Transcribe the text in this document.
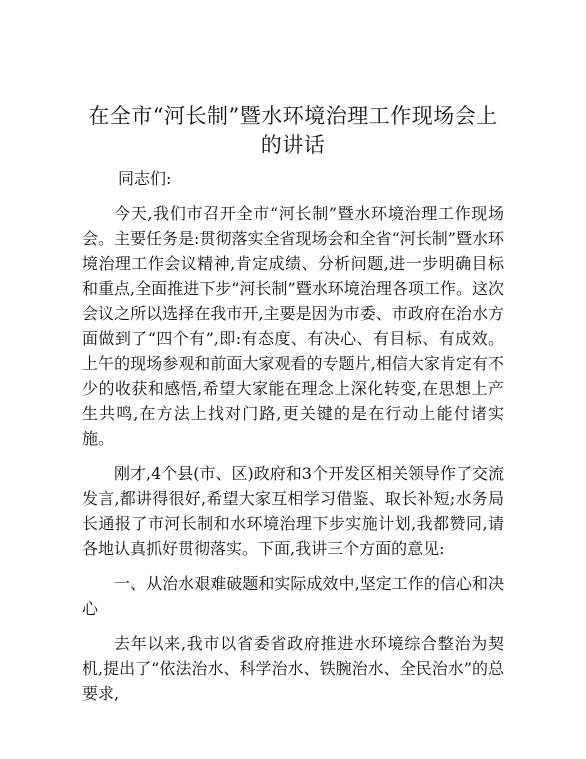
在全市“河长制”暨水环境治理工作现场会上
的讲话
同志们:

今天,我们市召开全市“河长制”暨水环境治理工作现场会。主要任务是:贯彻落实全省现场会和全省“河长制”暨水环境治理工作会议精神,肯定成绩、分析问题,进一步明确目标和重点,全面推进下步“河长制”暨水环境治理各项工作。这次会议之所以选择在我市开,主要是因为市委、市政府在治水方面做到了“四个有”,即:有态度、有决心、有目标、有成效。上午的现场参观和前面大家观看的专题片,相信大家肯定有不少的收获和感悟,希望大家能在理念上深化转变,在思想上产生共鸣,在方法上找对门路,更关键的是在行动上能付诸实施。

刚才,4个县(市、区)政府和3个开发区相关领导作了交流发言,都讲得很好,希望大家互相学习借鉴、取长补短;水务局长通报了市河长制和水环境治理下步实施计划,我都赞同,请各地认真抓好贯彻落实。下面,我讲三个方面的意见:

一、从治水艰难破题和实际成效中,坚定工作的信心和决心

去年以来,我市以省委省政府推进水环境综合整治为契机,提出了“依法治水、科学治水、铁腕治水、全民治水”的总要求,
